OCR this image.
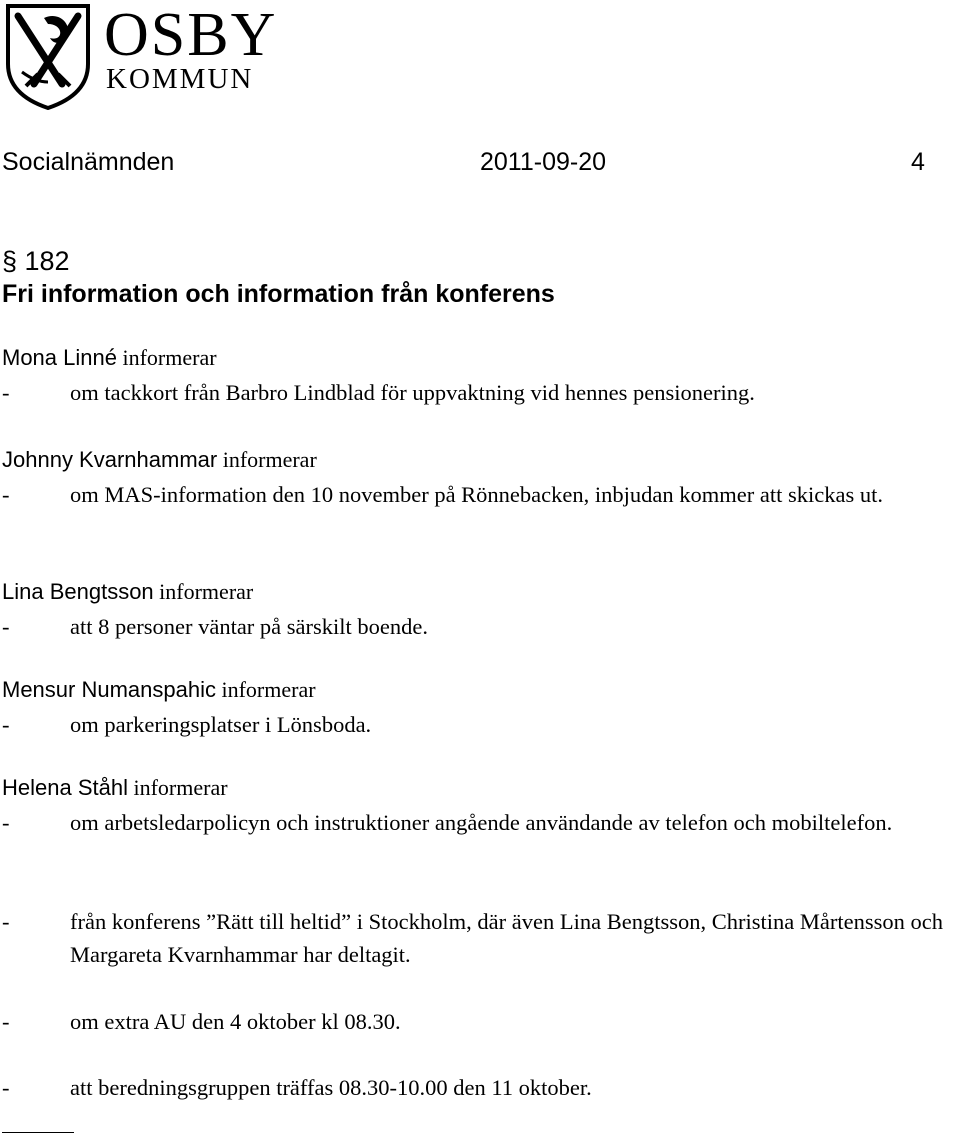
OSBY
KOMMUN
Socialnämnden	2011-09-20	4
§ 182
Fri information och information från konferens
Mona Linné informerar
-	om tackkort från Barbro Lindblad för uppvaktning vid hennes pensionering.
Johnny Kvarnhammar informerar
-	om MAS-information den 10 november på Rönnebacken, inbjudan kommer att skickas ut.
Lina Bengtsson informerar
-	att 8 personer väntar på särskilt boende.
Mensur Numanspahic informerar
-	om parkeringsplatser i Lönsboda.
Helena Ståhl informerar
-	om arbetsledarpolicyn och instruktioner angående användande av telefon och mobiltelefon.
-	från konferens ”Rätt till heltid” i Stockholm, där även Lina Bengtsson, Christina Mårtensson och Margareta Kvarnhammar har deltagit.
-	om extra AU den 4 oktober kl 08.30.
-	att beredningsgruppen träffas 08.30-10.00 den 11 oktober.
